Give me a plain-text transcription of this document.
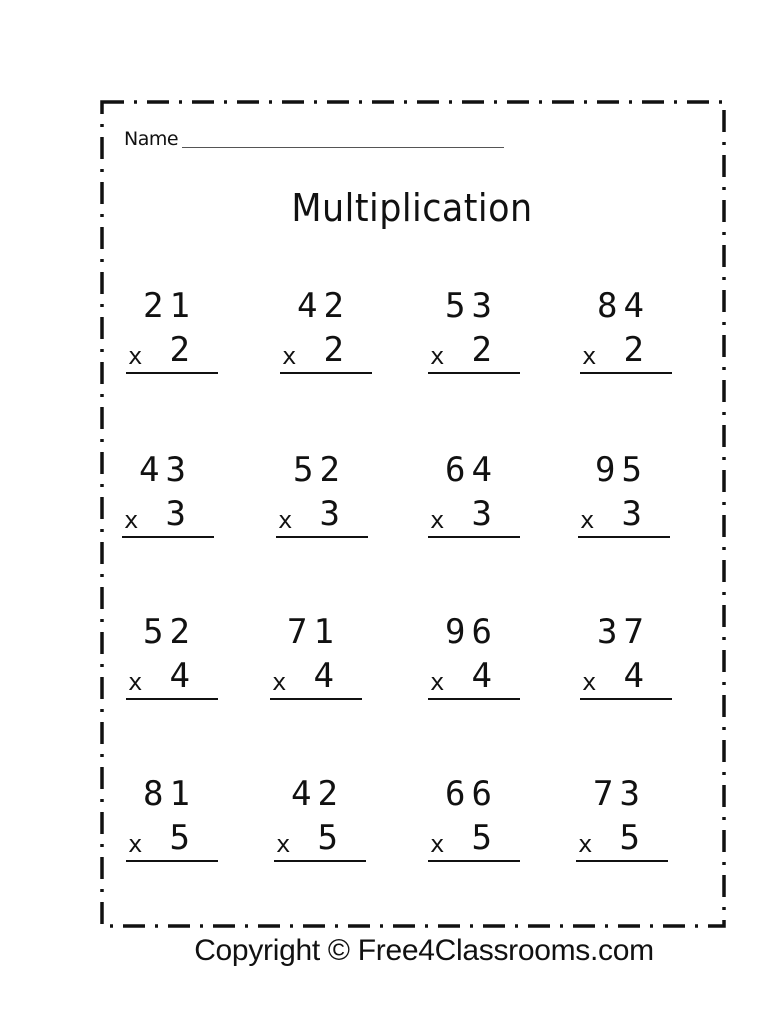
Name
Multiplication
21
x 2
42
x 2
53
x 2
84
x 2
43
x 3
52
x 3
64
x 3
95
x 3
52
x 4
71
x 4
96
x 4
37
x 4
81
x 5
42
x 5
66
x 5
73
x 5
Copyright © Free4Classrooms.com
